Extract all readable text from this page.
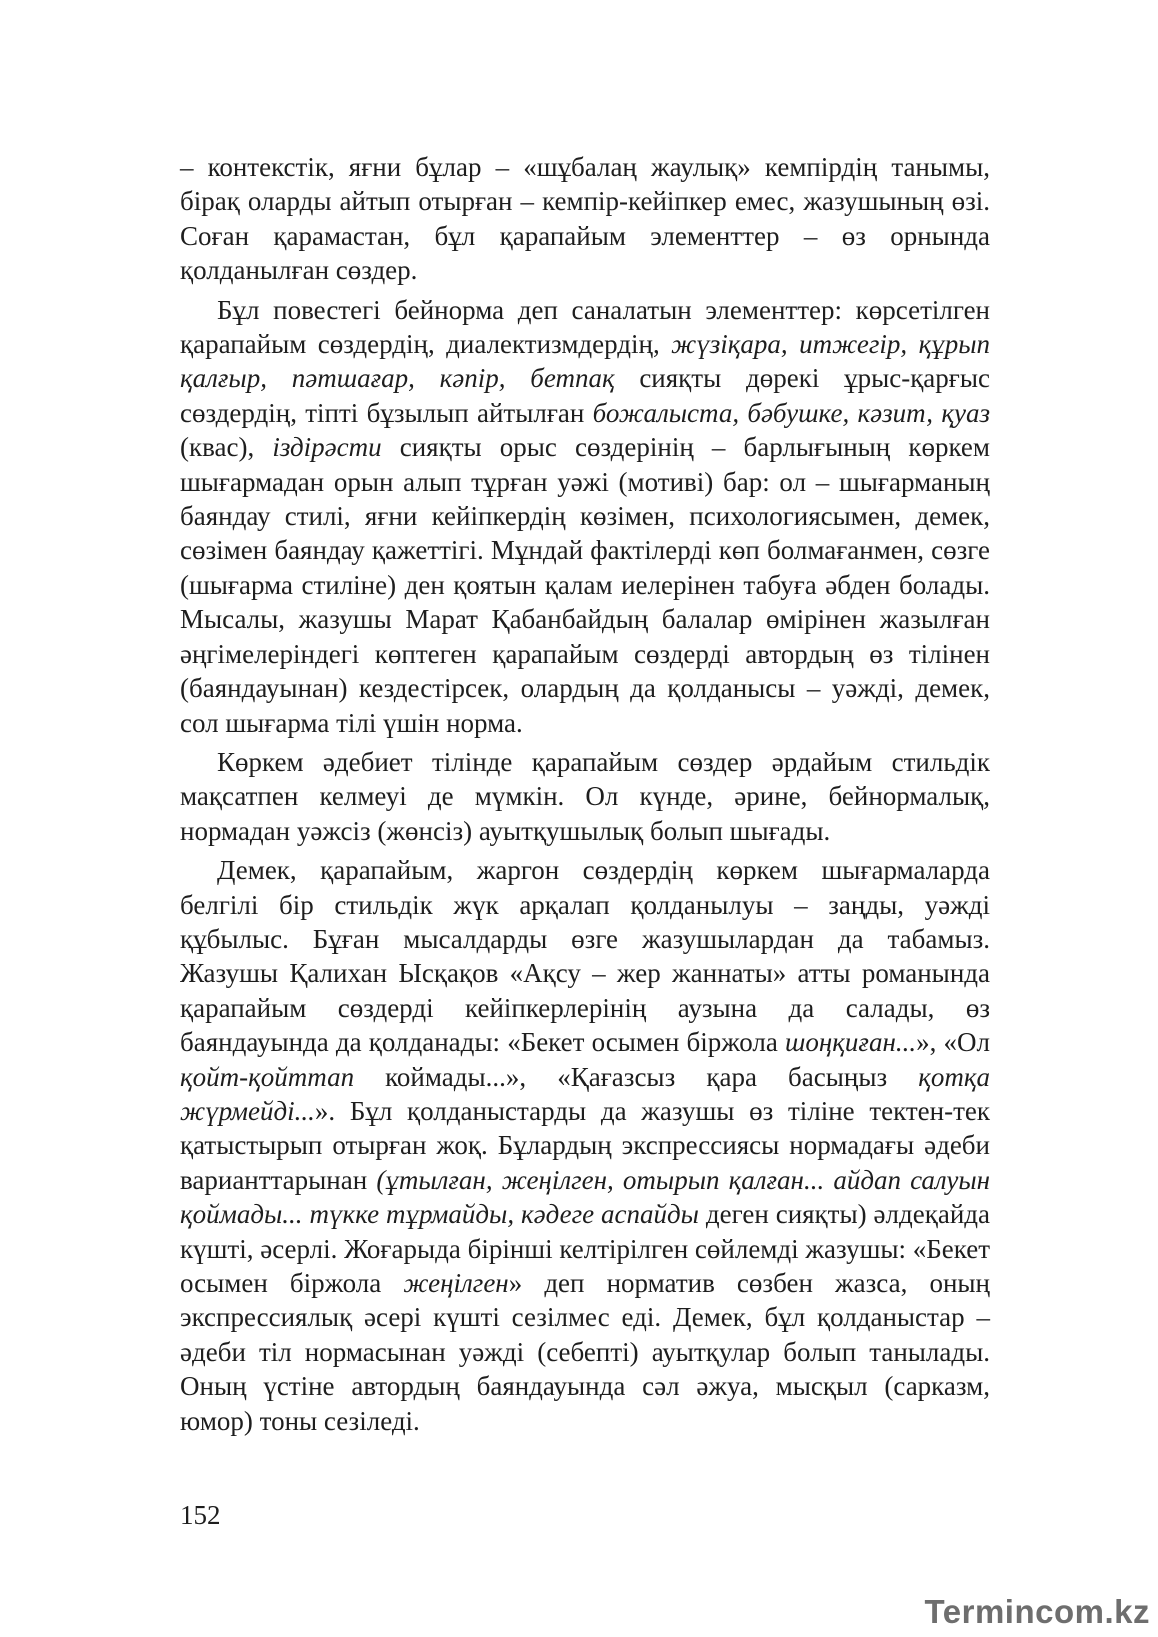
– контекстік, яғни бұлар – «шұбалаң жаулық» кемпірдің танымы, бірақ оларды айтып отырған – кемпір-кейіпкер емес, жазушының өзі. Соған қарамастан, бұл қарапайым элементтер – өз орнында қолданылған сөздер.

Бұл повестегі бейнорма деп саналатын элементтер: көрсетілген қарапайым сөздердің, диалектизмдердің, жүзіқара, итжегір, құрып қалғыр, пәтшағар, кәпір, бетпақ сияқты дөрекі ұрыс-қарғыс сөздердің, тіпті бұзылып айтылған божалыста, бәбушке, кәзит, қуаз (квас), іздірәсти сияқты орыс сөздерінің – барлығының көркем шығармадан орын алып тұрған уәжі (мотиві) бар: ол – шығарманың баяндау стилі, яғни кейіпкердің көзімен, психологиясымен, демек, сөзімен баяндау қажеттігі. Мұндай фактілерді көп болмағанмен, сөзге (шығарма стиліне) ден қоятын қалам иелерінен табуға әбден болады. Мысалы, жазушы Марат Қабанбайдың балалар өмірінен жазылған әңгімелеріндегі көптеген қарапайым сөздерді автордың өз тілінен (баяндауынан) кездестірсек, олардың да қолданысы – уәжді, демек, сол шығарма тілі үшін норма.

Көркем әдебиет тілінде қарапайым сөздер әрдайым стильдік мақсатпен келмеуі де мүмкін. Ол күнде, әрине, бейнормалық, нормадан уәжсіз (жөнсіз) ауытқушылық болып шығады.

Демек, қарапайым, жаргон сөздердің көркем шығармаларда белгілі бір стильдік жүк арқалап қолданылуы – заңды, уәжді құбылыс. Бұған мысалдарды өзге жазушылардан да табамыз. Жазушы Қалихан Ысқақов «Ақсу – жер жаннаты» атты романында қарапайым сөздерді кейіпкерлерінің аузына да салады, өз баяндауында да қолданады: «Бекет осымен біржола шоңқиған...», «Ол қойт-қойттап коймады...», «Қағазсыз қара басыңыз қотқа жүрмейді...». Бұл қолданыстарды да жазушы өз тіліне тектен-тек қатыстырып отырған жоқ. Бұлардың экспрессиясы нормадағы әдеби варианттарынан (ұтылған, жеңілген, отырып қалған... айдап салуын қоймады... түкке тұрмайды, кәдеге аспайды деген сияқты) әлдеқайда күшті, әсерлі. Жоғарыда бірінші келтірілген сөйлемді жазушы: «Бекет осымен біржола жеңілген» деп норматив сөзбен жазса, оның экспрессиялық әсері күшті сезілмес еді. Демек, бұл қолданыстар – әдеби тіл нормасынан уәжді (себепті) ауытқулар болып танылады. Оның үстіне автордың баяндауында сәл әжуа, мысқыл (сарказм, юмор) тоны сезіледі.

152
Termincom.kz
